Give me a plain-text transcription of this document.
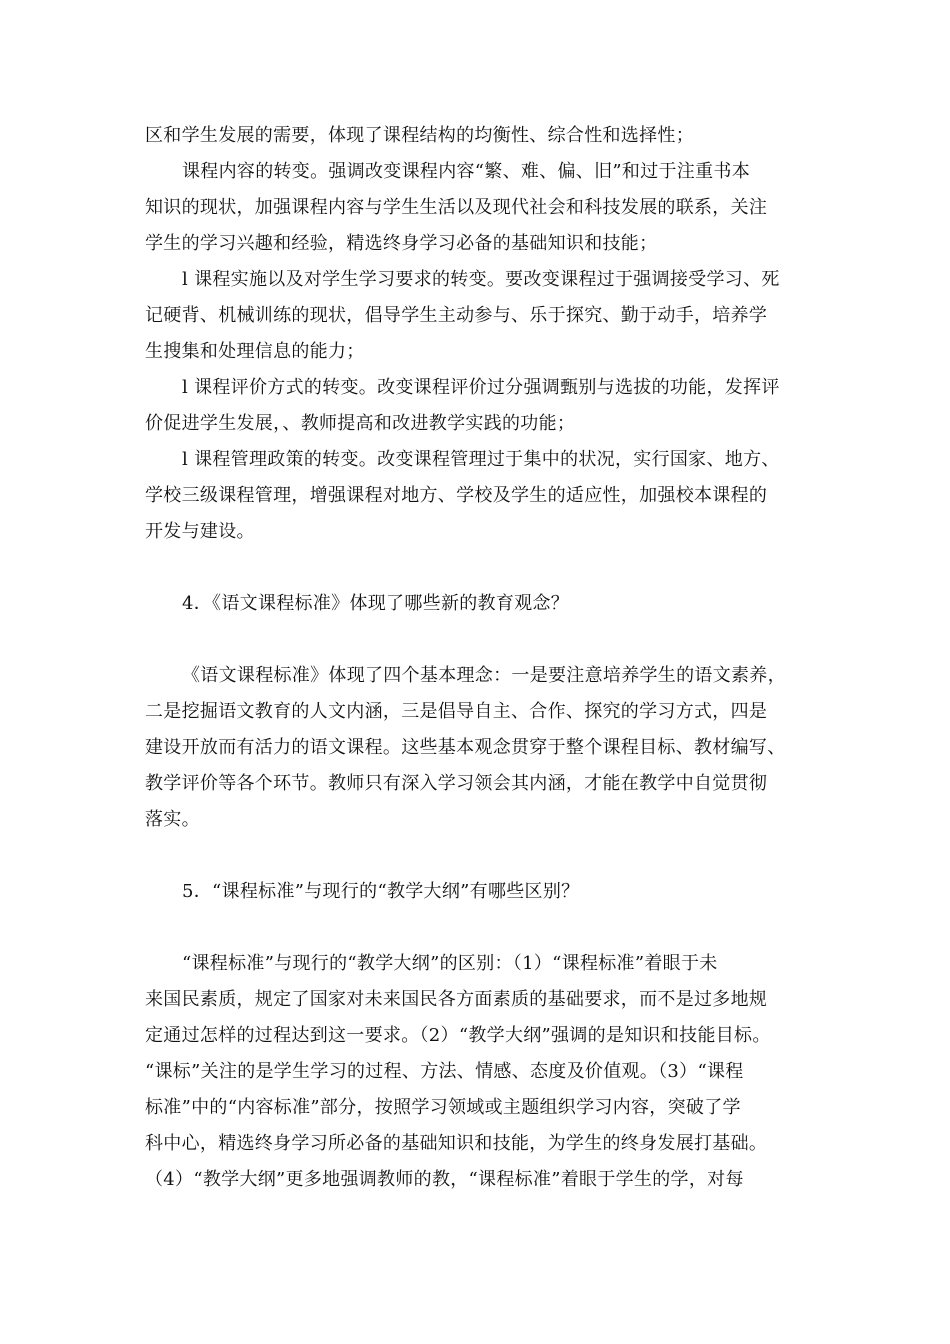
区和学生发展的需要，体现了课程结构的均衡性、综合性和选择性；
课程内容的转变。强调改变课程内容“繁、难、偏、旧”和过于注重书本
知识的现状，加强课程内容与学生生活以及现代社会和科技发展的联系，关注
学生的学习兴趣和经验，精选终身学习必备的基础知识和技能；
l 课程实施以及对学生学习要求的转变。要改变课程过于强调接受学习、死
记硬背、机械训练的现状，倡导学生主动参与、乐于探究、勤于动手，培养学
生搜集和处理信息的能力；
l 课程评价方式的转变。改变课程评价过分强调甄别与选拔的功能，发挥评
价促进学生发展，、教师提高和改进教学实践的功能；
l 课程管理政策的转变。改变课程管理过于集中的状况，实行国家、地方、
学校三级课程管理，增强课程对地方、学校及学生的适应性，加强校本课程的
开发与建设。
4．《语文课程标准》体现了哪些新的教育观念？
《语文课程标准》体现了四个基本理念：一是要注意培养学生的语文素养，
二是挖掘语文教育的人文内涵，三是倡导自主、合作、探究的学习方式，四是
建设开放而有活力的语文课程。这些基本观念贯穿于整个课程目标、教材编写、
教学评价等各个环节。教师只有深入学习领会其内涵，才能在教学中自觉贯彻
落实。
5．“课程标准”与现行的“教学大纲”有哪些区别？
“课程标准”与现行的“教学大纲”的区别：（1）“课程标准”着眼于未
来国民素质，规定了国家对未来国民各方面素质的基础要求，而不是过多地规
定通过怎样的过程达到这一要求。（2）“教学大纲”强调的是知识和技能目标。
“课标”关注的是学生学习的过程、方法、情感、态度及价值观。（3）“课程
标准”中的“内容标准”部分，按照学习领域或主题组织学习内容，突破了学
科中心，精选终身学习所必备的基础知识和技能，为学生的终身发展打基础。
（4）“教学大纲”更多地强调教师的教，“课程标准”着眼于学生的学，对每
